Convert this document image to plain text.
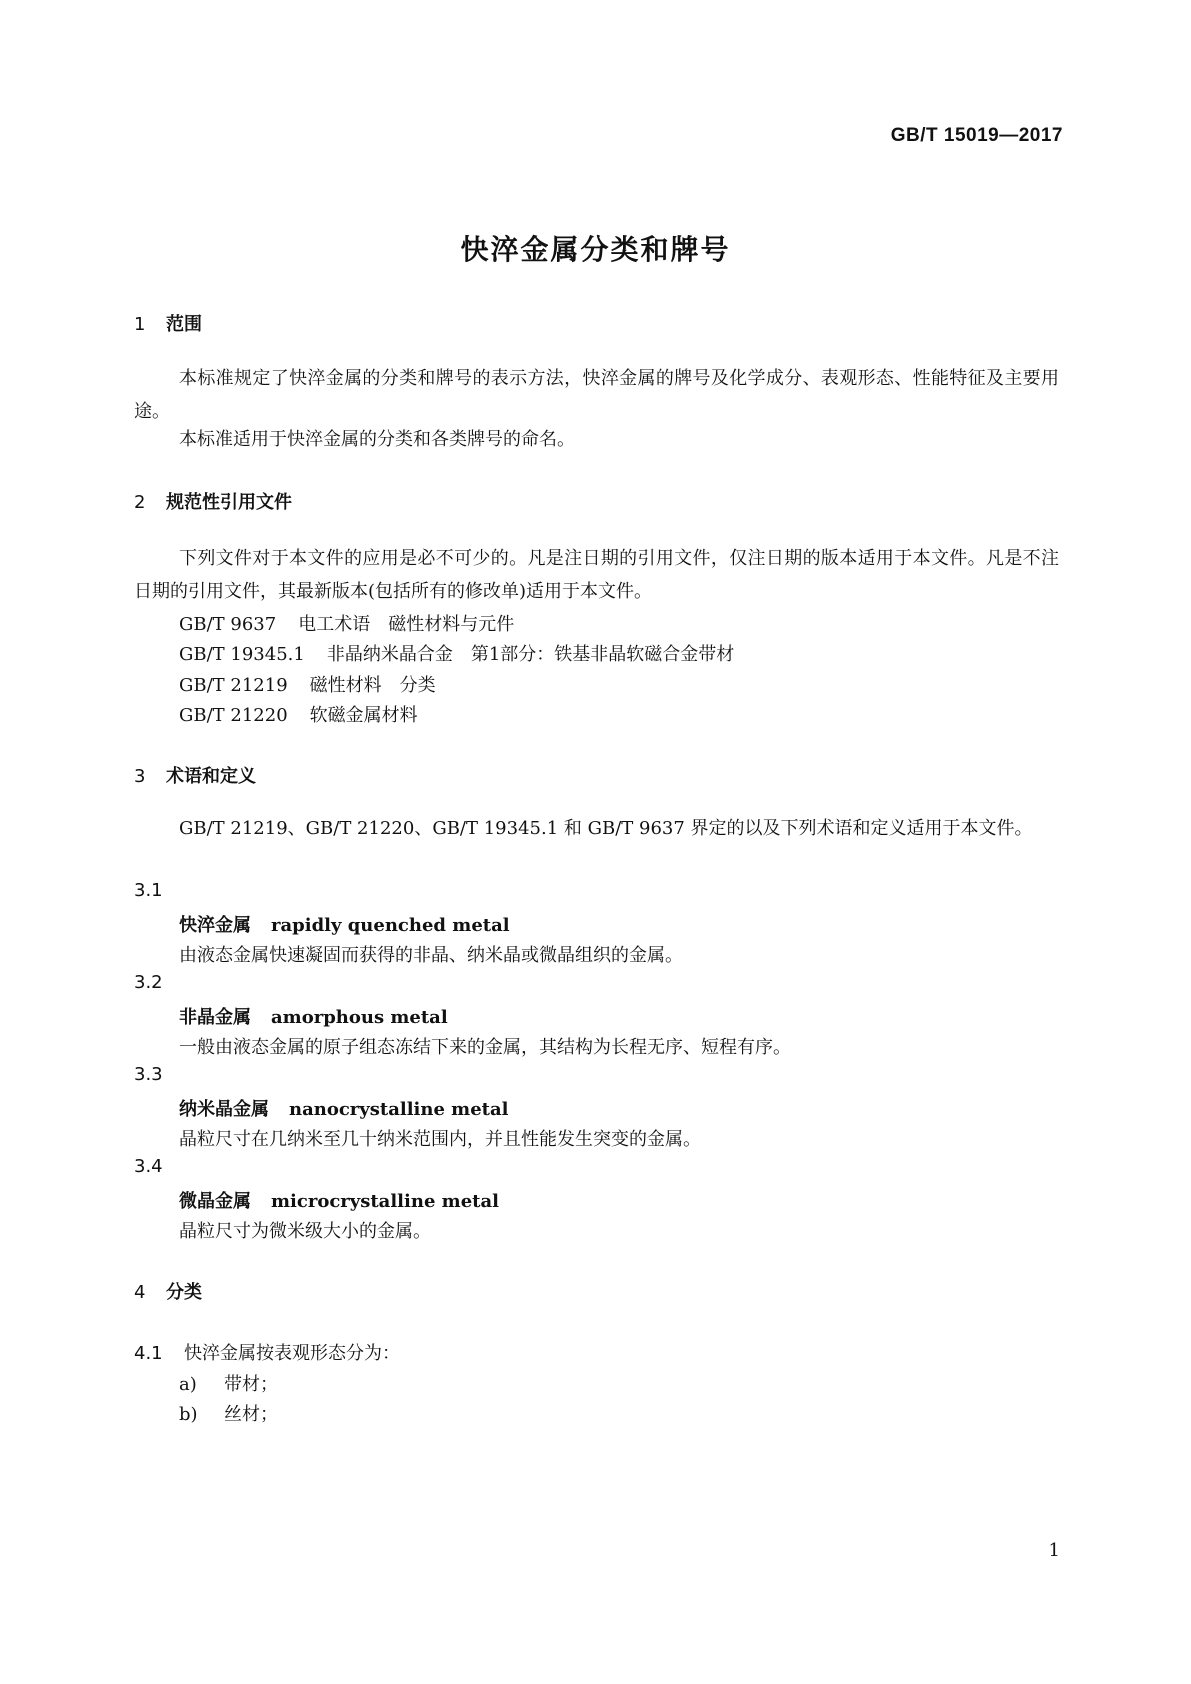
GB/T 15019—2017
快淬金属分类和牌号
1 范围

本标准规定了快淬金属的分类和牌号的表示方法，快淬金属的牌号及化学成分、表观形态、性能特征及主要用途。

本标准适用于快淬金属的分类和各类牌号的命名。

2 规范性引用文件

下列文件对于本文件的应用是必不可少的。凡是注日期的引用文件，仅注日期的版本适用于本文件。凡是不注日期的引用文件，其最新版本(包括所有的修改单)适用于本文件。

GB/T 9637 电工术语　磁性材料与元件
GB/T 19345.1 非晶纳米晶合金　第1部分：铁基非晶软磁合金带材
GB/T 21219 磁性材料　分类
GB/T 21220 软磁金属材料
3 术语和定义

GB/T 21219、GB/T 21220、GB/T 19345.1 和 GB/T 9637 界定的以及下列术语和定义适用于本文件。

3.1
快淬金属 rapidly quenched metal
由液态金属快速凝固而获得的非晶、纳米晶或微晶组织的金属。
3.2
非晶金属 amorphous metal
一般由液态金属的原子组态冻结下来的金属，其结构为长程无序、短程有序。
3.3
纳米晶金属 nanocrystalline metal
晶粒尺寸在几纳米至几十纳米范围内，并且性能发生突变的金属。
3.4
微晶金属 microcrystalline metal
晶粒尺寸为微米级大小的金属。
4 分类
4.1 快淬金属按表观形态分为：
a) 带材；
b) 丝材；
1
